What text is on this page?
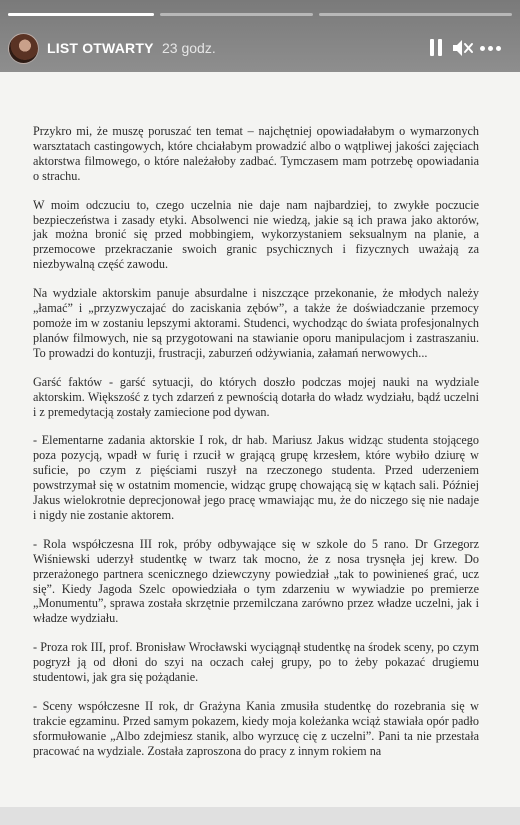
LIST OTWARTY 23 godz.

Przykro mi, że muszę poruszać ten temat – najchętniej opowiadałabym o wymarzonych warsztatach castingowych, które chciałabym prowadzić albo o wątpliwej jakości zajęciach aktorstwa filmowego, o które należałoby zadbać. Tymczasem mam potrzebę opowiadania o strachu.

W moim odczuciu to, czego uczelnia nie daje nam najbardziej, to zwykłe poczucie bezpieczeństwa i zasady etyki. Absolwenci nie wiedzą, jakie są ich prawa jako aktorów, jak można bronić się przed mobbingiem, wykorzystaniem seksualnym na planie, a przemocowe przekraczanie swoich granic psychicznych i fizycznych uważają za niezbywalną część zawodu.

Na wydziale aktorskim panuje absurdalne i niszczące przekonanie, że młodych należy „łamać” i „przyzwyczajać do zaciskania zębów”, a także że doświadczanie przemocy pomoże im w zostaniu lepszymi aktorami. Studenci, wychodząc do świata profesjonalnych planów filmowych, nie są przygotowani na stawianie oporu manipulacjom i zastraszaniu. To prowadzi do kontuzji, frustracji, zaburzeń odżywiania, załamań nerwowych...

Garść faktów - garść sytuacji, do których doszło podczas mojej nauki na wydziale aktorskim. Większość z tych zdarzeń z pewnością dotarła do władz wydziału, bądź uczelni i z premedytacją zostały zamiecione pod dywan.

- Elementarne zadania aktorskie I rok, dr hab. Mariusz Jakus widząc studenta stojącego poza pozycją, wpadł w furię i rzucił w grającą grupę krzesłem, które wybiło dziurę w suficie, po czym z pięściami ruszył na rzeczonego studenta. Przed uderzeniem powstrzymał się w ostatnim momencie, widząc grupę chowającą się w kątach sali. Później Jakus wielokrotnie deprecjonował jego pracę wmawiając mu, że do niczego się nie nadaje i nigdy nie zostanie aktorem.

- Rola współczesna III rok, próby odbywające się w szkole do 5 rano. Dr Grzegorz Wiśniewski uderzył studentkę w twarz tak mocno, że z nosa trysnęła jej krew. Do przerażonego partnera scenicznego dziewczyny powiedział „tak to powinieneś grać, ucz się”. Kiedy Jagoda Szelc opowiedziała o tym zdarzeniu w wywiadzie po premierze „Monumentu”, sprawa została skrzętnie przemilczana zarówno przez władze uczelni, jak i władze wydziału.

- Proza rok III, prof. Bronisław Wrocławski wyciągnął studentkę na środek sceny, po czym pogryzł ją od dłoni do szyi na oczach całej grupy, po to żeby pokazać drugiemu studentowi, jak gra się pożądanie.

- Sceny współczesne II rok, dr Grażyna Kania zmusiła studentkę do rozebrania się w trakcie egzaminu. Przed samym pokazem, kiedy moja koleżanka wciąż stawiała opór padło sformułowanie „Albo zdejmiesz stanik, albo wyrzucę cię z uczelni”. Pani ta nie przestała pracować na wydziale. Została zaproszona do pracy z innym rokiem na
